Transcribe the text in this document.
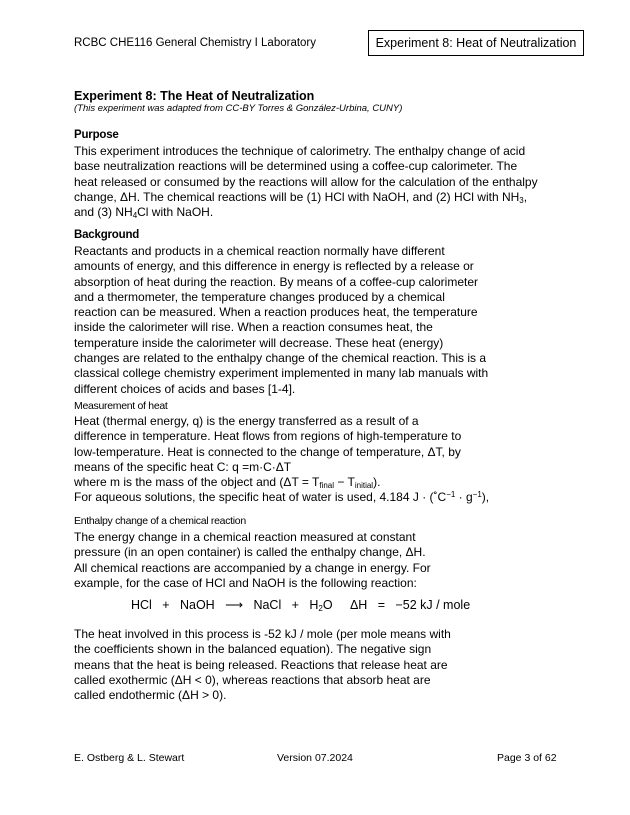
RCBC CHE116 General Chemistry I Laboratory	Experiment 8: Heat of Neutralization
Experiment 8: The Heat of Neutralization
(This experiment was adapted from CC-BY Torres & González-Urbina, CUNY)
Purpose
This experiment introduces the technique of calorimetry. The enthalpy change of acid
base neutralization reactions will be determined using a coffee-cup calorimeter. The
heat released or consumed by the reactions will allow for the calculation of the enthalpy
change, ΔH. The chemical reactions will be (1) HCl with NaOH, and (2) HCl with $NH_3$,
and (3) $NH_4Cl$ with NaOH.
Background
Reactants and products in a chemical reaction normally have different
amounts of energy, and this difference in energy is reflected by a release or
absorption of heat during the reaction. By means of a coffee-cup calorimeter
and a thermometer, the temperature changes produced by a chemical
reaction can be measured. When a reaction produces heat, the temperature
inside the calorimeter will rise. When a reaction consumes heat, the
temperature inside the calorimeter will decrease. These heat (energy)
changes are related to the enthalpy change of the chemical reaction. This is a
classical college chemistry experiment implemented in many lab manuals with
different choices of acids and bases [1-4].
Measurement of heat
Heat (thermal energy, q) is the energy transferred as a result of a
difference in temperature. Heat flows from regions of high-temperature to
low-temperature. Heat is connected to the change of temperature, ΔT, by
means of the specific heat C: q =m·C·ΔT
where m is the mass of the object and $(\Delta T = T_{final} - T_{initial})$.
For aqueous solutions, the specific heat of water is used, 4.184 $J \cdot (˚C^{-1} \cdot g^{-1})$,
Enthalpy change of a chemical reaction
The energy change in a chemical reaction measured at constant
pressure (in an open container) is called the enthalpy change, ΔH.
All chemical reactions are accompanied by a change in energy. For
example, for the case of HCl and NaOH is the following reaction:
HCl   +   NaOH   ⟶   NaCl   +   $H_2O$     ΔH   =   −52 kJ / mole
The heat involved in this process is -52 kJ / mole (per mole means with
the coefficients shown in the balanced equation). The negative sign
means that the heat is being released. Reactions that release heat are
called exothermic (ΔH < 0), whereas reactions that absorb heat are
called endothermic (ΔH > 0).
E. Ostberg & L. Stewart	Version 07.2024	Page 3 of 62
